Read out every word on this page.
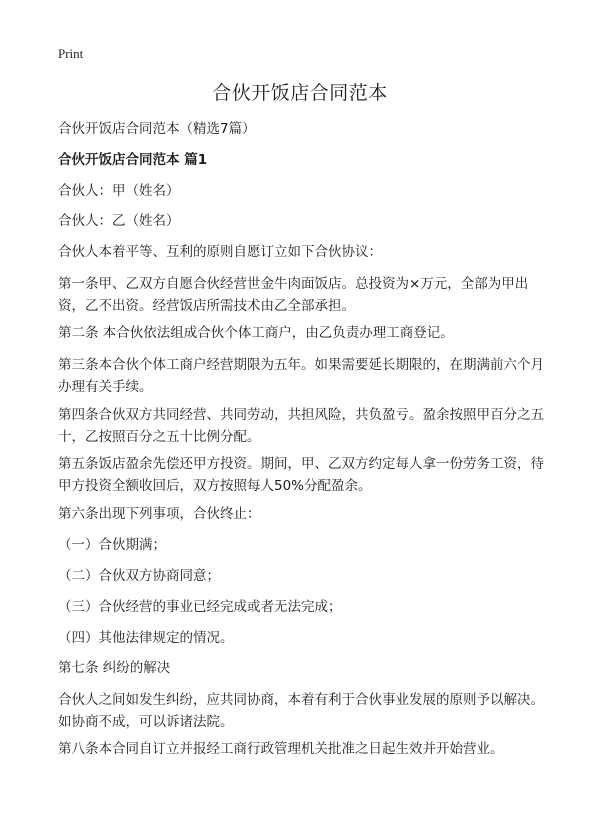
Print
合伙开饭店合同范本

合伙开饭店合同范本（精选7篇）

合伙开饭店合同范本 篇1

合伙人：甲（姓名）

合伙人：乙（姓名）

合伙人本着平等、互利的原则自愿订立如下合伙协议：

第一条甲、乙双方自愿合伙经营世金牛肉面饭店。总投资为×万元，全部为甲出资，乙不出资。经营饭店所需技术由乙全部承担。

第二条 本合伙依法组成合伙个体工商户，由乙负责办理工商登记。

第三条本合伙个体工商户经营期限为五年。如果需要延长期限的，在期满前六个月办理有关手续。

第四条合伙双方共同经营、共同劳动，共担风险，共负盈亏。盈余按照甲百分之五十，乙按照百分之五十比例分配。

第五条饭店盈余先偿还甲方投资。期间，甲、乙双方约定每人拿一份劳务工资，待甲方投资全额收回后，双方按照每人50%分配盈余。

第六条出现下列事项，合伙终止：

（一）合伙期满；

（二）合伙双方协商同意；

（三）合伙经营的事业已经完成或者无法完成；

（四）其他法律规定的情况。

第七条 纠纷的解决

合伙人之间如发生纠纷，应共同协商，本着有利于合伙事业发展的原则予以解决。如协商不成，可以诉诸法院。

第八条本合同自订立并报经工商行政管理机关批准之日起生效并开始营业。
